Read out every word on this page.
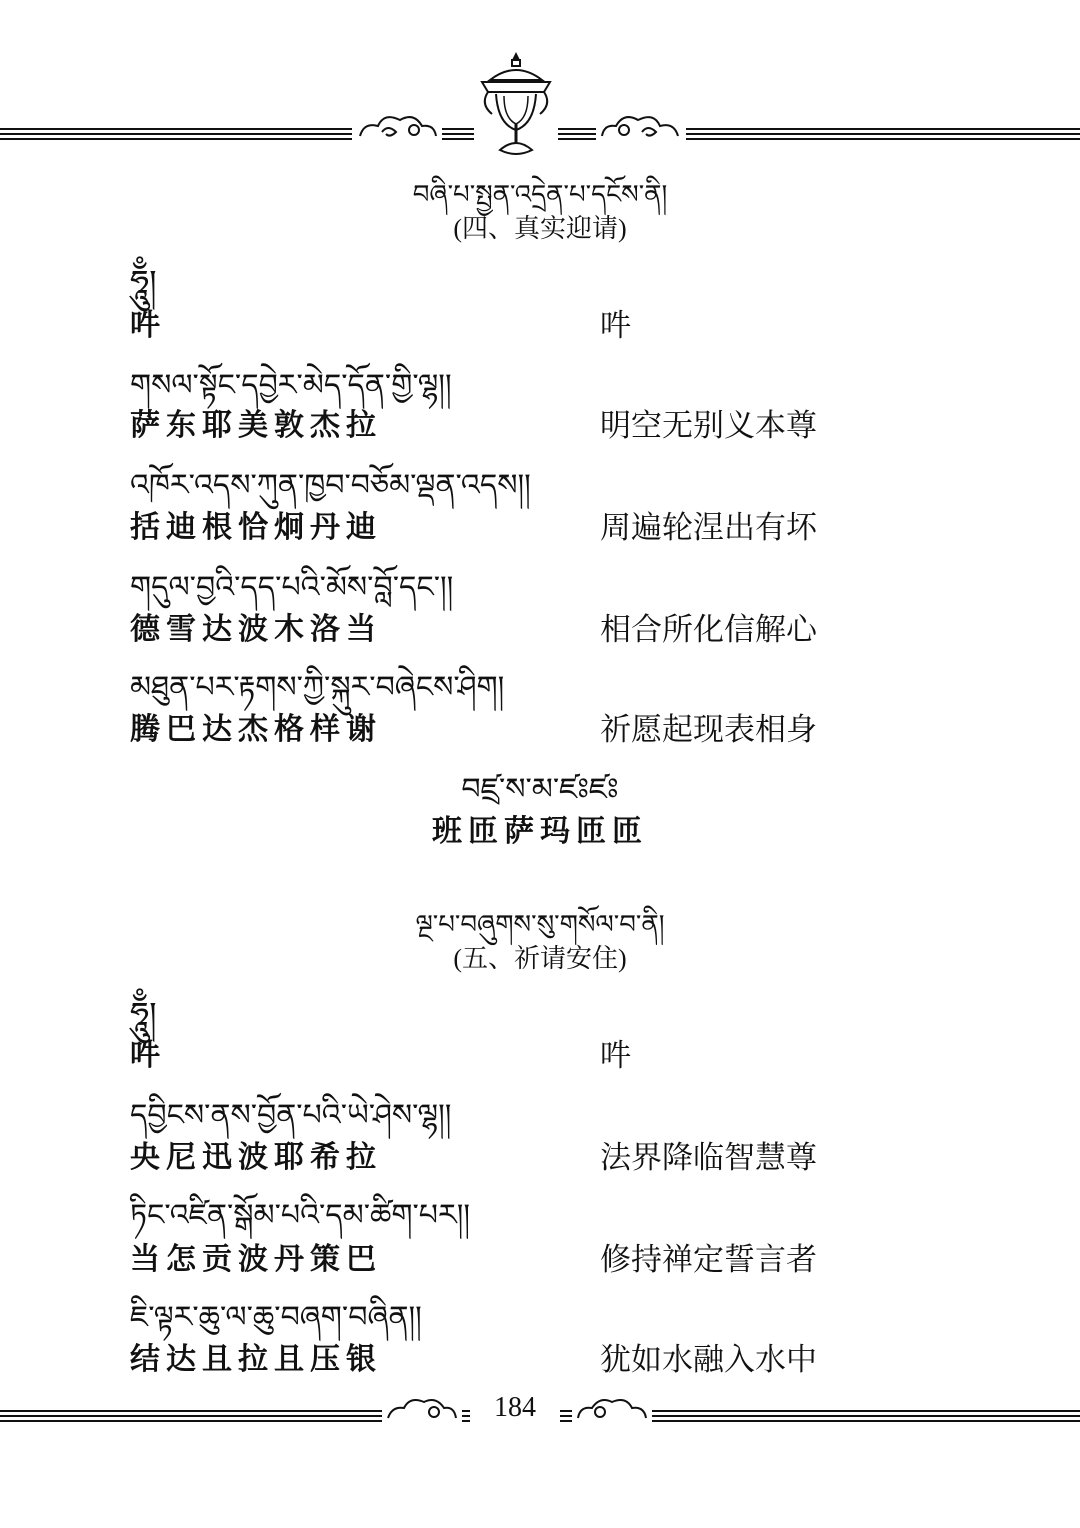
བཞི་པ་སྤྱན་འདྲེན་པ་དངོས་ནི།
(四、真实迎请)
ཧཱུྃ།
吽	吽
གསལ་སྟོང་དབྱེར་མེད་དོན་གྱི་ལྷ།།
萨东耶美敦杰拉	明空无别义本尊
འཁོར་འདས་ཀུན་ཁྱབ་བཅོམ་ལྡན་འདས།།
括迪根恰炯丹迪	周遍轮涅出有坏
གདུལ་བྱའི་དད་པའི་མོས་བློ་དང་།།
德雪达波木洛当	相合所化信解心
མཐུན་པར་རྟགས་ཀྱི་སྐུར་བཞེངས་ཤིག།
腾巴达杰格样谢	祈愿起现表相身
བཛྲ་ས་མ་ཛཿཛཿ
班匝萨玛匝匝
ལྔ་པ་བཞུགས་སུ་གསོལ་བ་ནི།
(五、祈请安住)
ཧཱུྃ།
吽	吽
དབྱིངས་ནས་བྱོན་པའི་ཡེ་ཤེས་ལྷ།།
央尼迅波耶希拉	法界降临智慧尊
ཏིང་འཛིན་སྒོམ་པའི་དམ་ཚིག་པར།།
当怎贡波丹策巴	修持禅定誓言者
ཇི་ལྟར་ཆུ་ལ་ཆུ་བཞག་བཞིན།།
结达且拉且压银	犹如水融入水中
184
